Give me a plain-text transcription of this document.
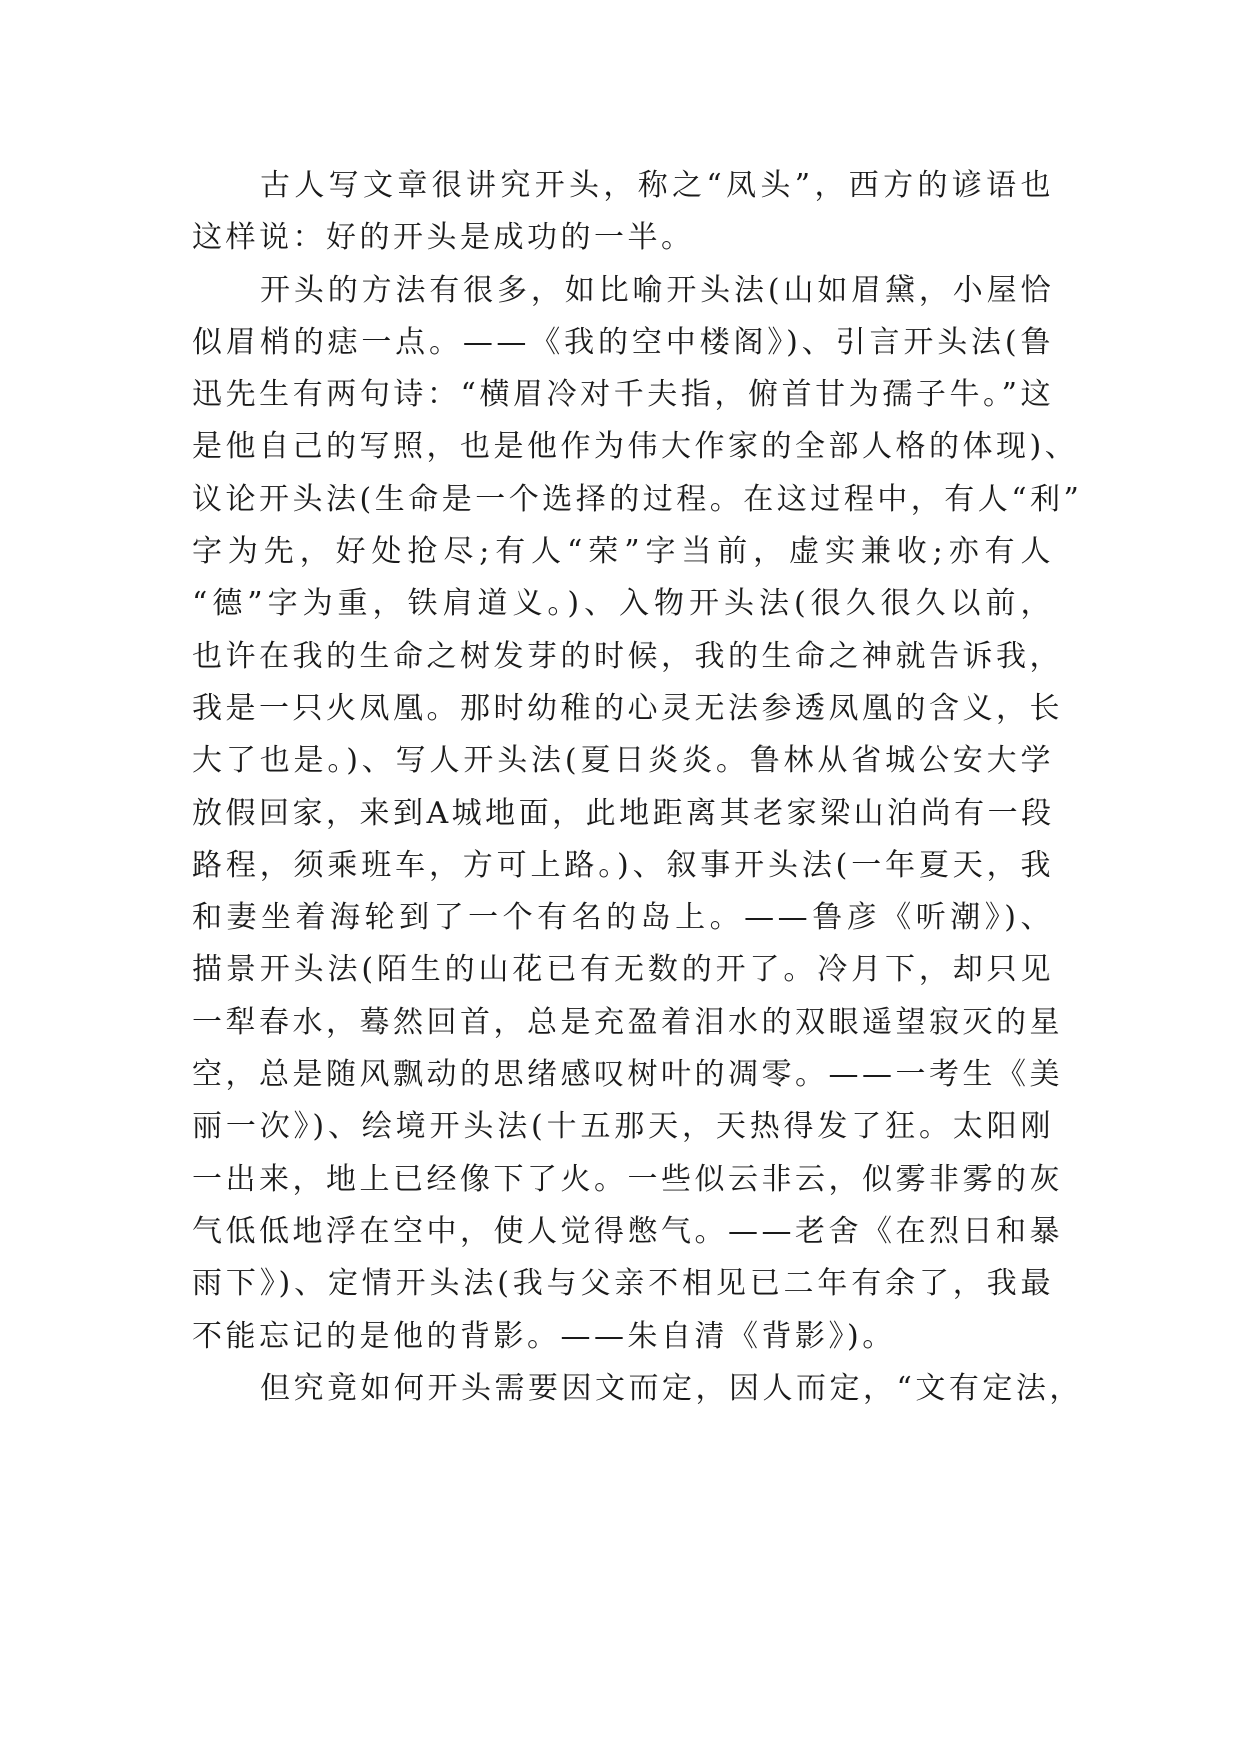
古人写文章很讲究开头，称之“凤头”，西方的谚语也
这样说：好的开头是成功的一半。
开头的方法有很多，如比喻开头法(山如眉黛，小屋恰
似眉梢的痣一点。——《我的空中楼阁》)、引言开头法(鲁
迅先生有两句诗：“横眉冷对千夫指，俯首甘为孺子牛。”这
是他自己的写照，也是他作为伟大作家的全部人格的体现)、
议论开头法(生命是一个选择的过程。在这过程中，有人“利”
字为先，好处抢尽;有人“荣”字当前，虚实兼收;亦有人
“德”字为重，铁肩道义。)、入物开头法(很久很久以前，
也许在我的生命之树发芽的时候，我的生命之神就告诉我，
我是一只火凤凰。那时幼稚的心灵无法参透凤凰的含义，长
大了也是。)、写人开头法(夏日炎炎。鲁林从省城公安大学
放假回家，来到A城地面，此地距离其老家梁山泊尚有一段
路程，须乘班车，方可上路。)、叙事开头法(一年夏天，我
和妻坐着海轮到了一个有名的岛上。——鲁彦《听潮》)、
描景开头法(陌生的山花已有无数的开了。冷月下，却只见
一犁春水，蓦然回首，总是充盈着泪水的双眼遥望寂灭的星
空，总是随风飘动的思绪感叹树叶的凋零。——一考生《美
丽一次》)、绘境开头法(十五那天，天热得发了狂。太阳刚
一出来，地上已经像下了火。一些似云非云，似雾非雾的灰
气低低地浮在空中，使人觉得憋气。——老舍《在烈日和暴
雨下》)、定情开头法(我与父亲不相见已二年有余了，我最
不能忘记的是他的背影。——朱自清《背影》)。
但究竟如何开头需要因文而定，因人而定，“文有定法，
